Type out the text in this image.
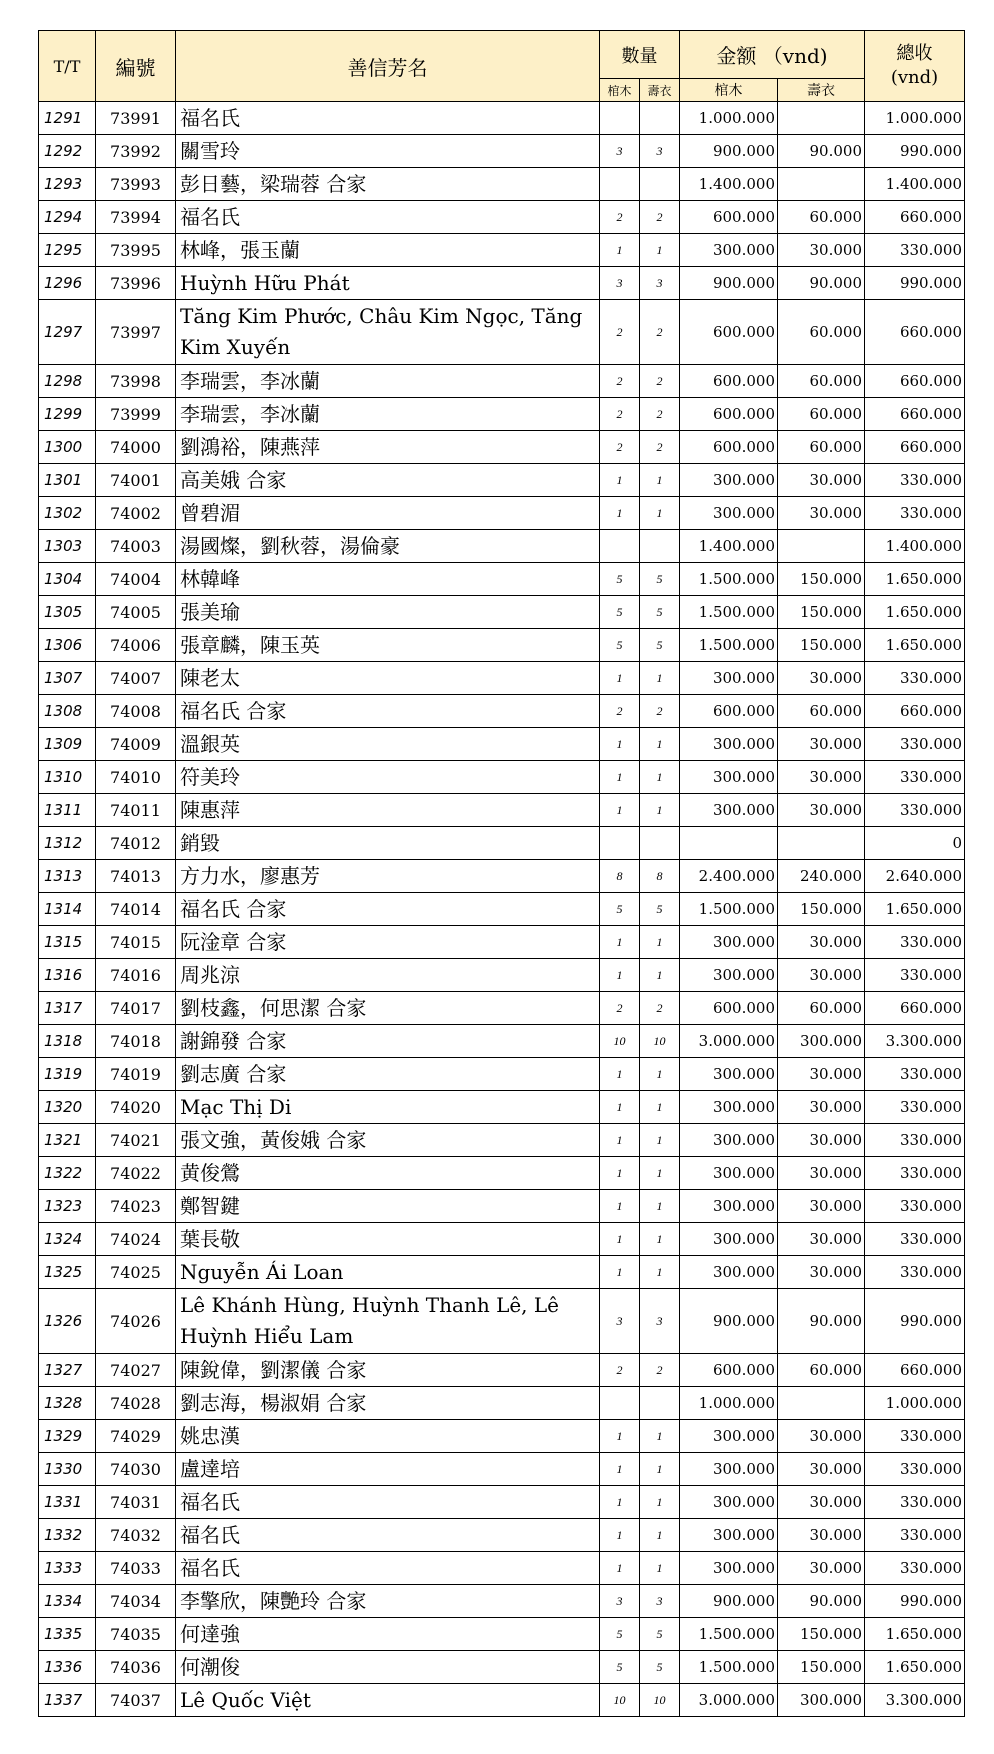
T/T	編號	善信芳名	數量		金额 （vnd)		總收
(vnd)
			棺木	壽衣	棺木	壽衣	
1291	73991	福名氏			1.000.000		1.000.000
1292	73992	關雪玲	3	3	900.000	90.000	990.000
1293	73993	彭日藝，梁瑞蓉 合家			1.400.000		1.400.000
1294	73994	福名氏	2	2	600.000	60.000	660.000
1295	73995	林峰，張玉蘭	1	1	300.000	30.000	330.000
1296	73996	Huỳnh Hữu Phát	3	3	900.000	90.000	990.000
1297	73997	Tăng Kim Phước, Châu Kim Ngọc, Tăng Kim Xuyến	2	2	600.000	60.000	660.000
1298	73998	李瑞雲，李冰蘭	2	2	600.000	60.000	660.000
1299	73999	李瑞雲，李冰蘭	2	2	600.000	60.000	660.000
1300	74000	劉鴻裕，陳燕萍	2	2	600.000	60.000	660.000
1301	74001	高美娥 合家	1	1	300.000	30.000	330.000
1302	74002	曾碧湄	1	1	300.000	30.000	330.000
1303	74003	湯國燦，劉秋蓉，湯倫豪			1.400.000		1.400.000
1304	74004	林韓峰	5	5	1.500.000	150.000	1.650.000
1305	74005	張美瑜	5	5	1.500.000	150.000	1.650.000
1306	74006	張章麟，陳玉英	5	5	1.500.000	150.000	1.650.000
1307	74007	陳老太	1	1	300.000	30.000	330.000
1308	74008	福名氏 合家	2	2	600.000	60.000	660.000
1309	74009	溫銀英	1	1	300.000	30.000	330.000
1310	74010	符美玲	1	1	300.000	30.000	330.000
1311	74011	陳惠萍	1	1	300.000	30.000	330.000
1312	74012	銷毀					0
1313	74013	方力水，廖惠芳	8	8	2.400.000	240.000	2.640.000
1314	74014	福名氏 合家	5	5	1.500.000	150.000	1.650.000
1315	74015	阮淦章 合家	1	1	300.000	30.000	330.000
1316	74016	周兆涼	1	1	300.000	30.000	330.000
1317	74017	劉枝鑫，何思潔 合家	2	2	600.000	60.000	660.000
1318	74018	謝錦發 合家	10	10	3.000.000	300.000	3.300.000
1319	74019	劉志廣 合家	1	1	300.000	30.000	330.000
1320	74020	Mạc Thị Di	1	1	300.000	30.000	330.000
1321	74021	張文強，黃俊娥 合家	1	1	300.000	30.000	330.000
1322	74022	黄俊鶯	1	1	300.000	30.000	330.000
1323	74023	鄭智鍵	1	1	300.000	30.000	330.000
1324	74024	葉長敬	1	1	300.000	30.000	330.000
1325	74025	Nguyễn Ái Loan	1	1	300.000	30.000	330.000
1326	74026	Lê Khánh Hùng, Huỳnh Thanh Lê, Lê Huỳnh Hiểu Lam	3	3	900.000	90.000	990.000
1327	74027	陳銳偉，劉潔儀 合家	2	2	600.000	60.000	660.000
1328	74028	劉志海，楊淑娟 合家			1.000.000		1.000.000
1329	74029	姚忠漢	1	1	300.000	30.000	330.000
1330	74030	盧達培	1	1	300.000	30.000	330.000
1331	74031	福名氏	1	1	300.000	30.000	330.000
1332	74032	福名氏	1	1	300.000	30.000	330.000
1333	74033	福名氏	1	1	300.000	30.000	330.000
1334	74034	李擎欣，陳艷玲 合家	3	3	900.000	90.000	990.000
1335	74035	何達強	5	5	1.500.000	150.000	1.650.000
1336	74036	何潮俊	5	5	1.500.000	150.000	1.650.000
1337	74037	Lê Quốc Việt	10	10	3.000.000	300.000	3.300.000
